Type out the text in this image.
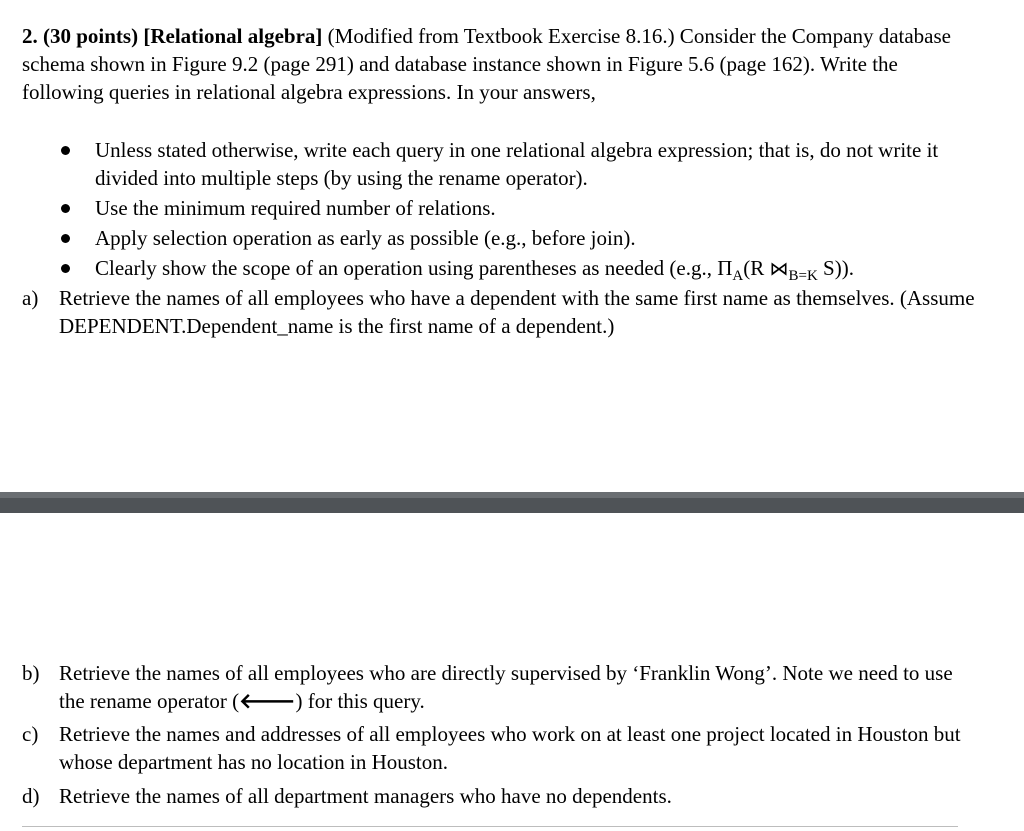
2. (30 points) [Relational algebra] (Modified from Textbook Exercise 8.16.) Consider the Company database schema shown in Figure 9.2 (page 291) and database instance shown in Figure 5.6 (page 162). Write the following queries in relational algebra expressions. In your answers,
Unless stated otherwise, write each query in one relational algebra expression; that is, do not write it divided into multiple steps (by using the rename operator).
Use the minimum required number of relations.
Apply selection operation as early as possible (e.g., before join).
Clearly show the scope of an operation using parentheses as needed (e.g., $\Pi_A(R$ $⋈_{B=K}$ S)).
a) Retrieve the names of all employees who have a dependent with the same first name as themselves. (Assume DEPENDENT.Dependent_name is the first name of a dependent.)
b) Retrieve the names of all employees who are directly supervised by ‘Franklin Wong’. Note we need to use the rename operator (🡐) for this query.
c) Retrieve the names and addresses of all employees who work on at least one project located in Houston but whose department has no location in Houston.
d) Retrieve the names of all department managers who have no dependents.
